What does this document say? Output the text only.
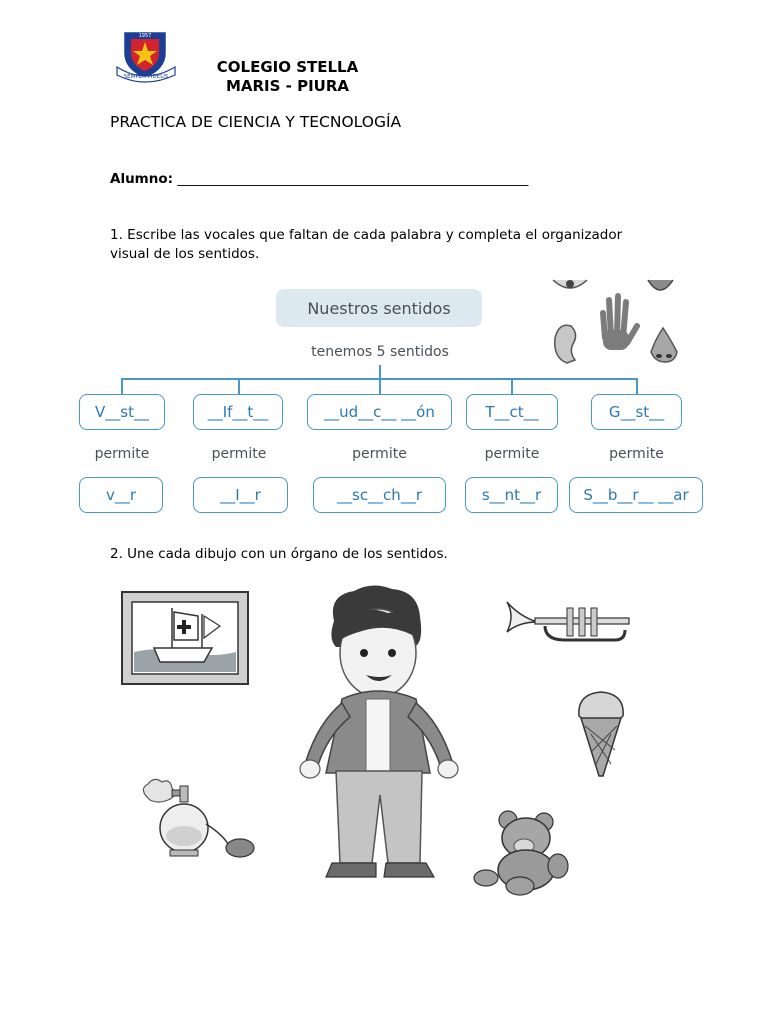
1957
SEMPER FIDELIS
COLEGIO STELLA MARIS - PIURA
PRACTICA DE CIENCIA Y TECNOLOGÍA
Alumno: ____________________________________________________
1. Escribe las vocales que faltan de cada palabra y completa el organizador visual de los sentidos.
Nuestros sentidos
tenemos 5 sentidos
V__st__	__If__t__	__ud__c__ __ón	T__ct__	G__st__
permite	permite	permite	permite	permite
v__r	__I__r	__sc__ch__r	s__nt__r	S__b__r__ __ar
2. Une cada dibujo con un órgano de los sentidos.
